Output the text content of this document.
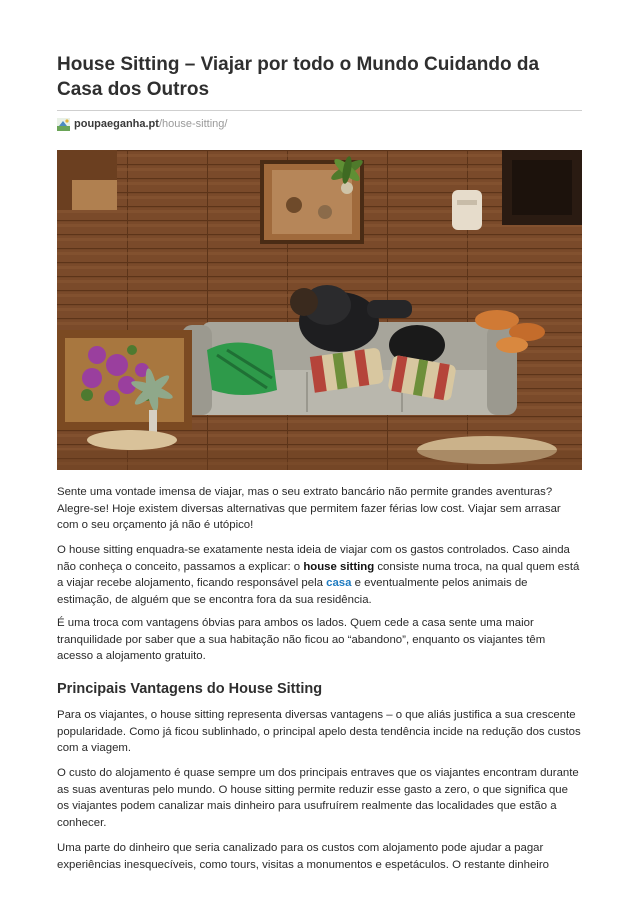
House Sitting – Viajar por todo o Mundo Cuidando da Casa dos Outros
poupaeganha.pt /house-sitting/

Sente uma vontade imensa de viajar, mas o seu extrato bancário não permite grandes aventuras? Alegre-se! Hoje existem diversas alternativas que permitem fazer férias low cost. Viajar sem arrasar com o seu orçamento já não é utópico!

O house sitting enquadra-se exatamente nesta ideia de viajar com os gastos controlados. Caso ainda não conheça o conceito, passamos a explicar: o house sitting consiste numa troca, na qual quem está a viajar recebe alojamento, ficando responsável pela casa e eventualmente pelos animais de estimação, de alguém que se encontra fora da sua residência.

É uma troca com vantagens óbvias para ambos os lados. Quem cede a casa sente uma maior tranquilidade por saber que a sua habitação não ficou ao “abandono”, enquanto os viajantes têm acesso a alojamento gratuito.

Principais Vantagens do House Sitting

Para os viajantes, o house sitting representa diversas vantagens – o que aliás justifica a sua crescente popularidade. Como já ficou sublinhado, o principal apelo desta tendência incide na redução dos custos com a viagem.

O custo do alojamento é quase sempre um dos principais entraves que os viajantes encontram durante as suas aventuras pelo mundo. O house sitting permite reduzir esse gasto a zero, o que significa que os viajantes podem canalizar mais dinheiro para usufruírem realmente das localidades que estão a conhecer.

Uma parte do dinheiro que seria canalizado para os custos com alojamento pode ajudar a pagar experiências inesquecíveis, como tours, visitas a monumentos e espetáculos. O restante dinheiro
